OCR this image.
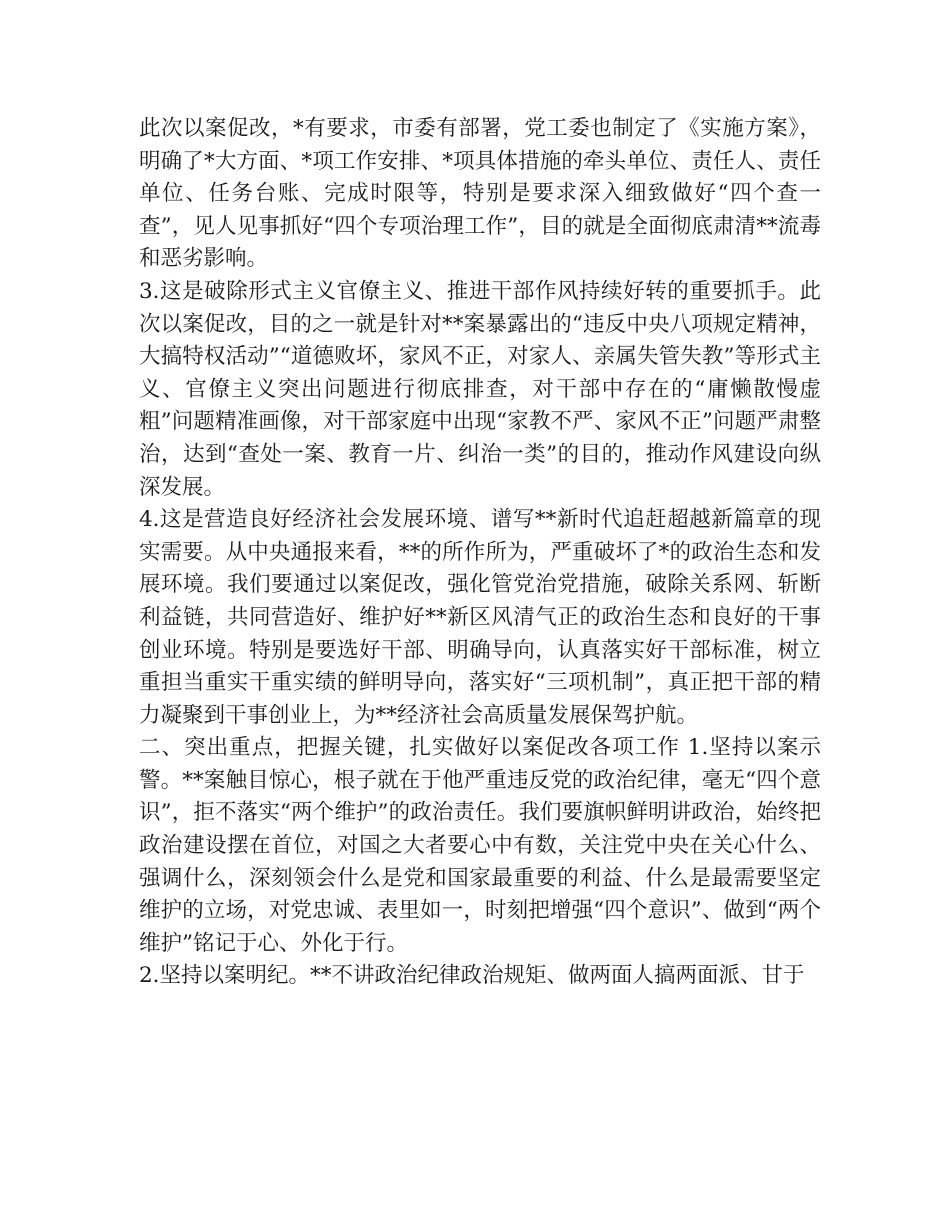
此次以案促改，*有要求，市委有部署，党工委也制定了《实施方案》，明确了*大方面、*项工作安排、*项具体措施的牵头单位、责任人、责任单位、任务台账、完成时限等，特别是要求深入细致做好“四个查一查”，见人见事抓好“四个专项治理工作”，目的就是全面彻底肃清**流毒和恶劣影响。

3.这是破除形式主义官僚主义、推进干部作风持续好转的重要抓手。此次以案促改，目的之一就是针对**案暴露出的“违反中央八项规定精神，大搞特权活动”“道德败坏，家风不正，对家人、亲属失管失教”等形式主义、官僚主义突出问题进行彻底排查，对干部中存在的“庸懒散慢虚粗”问题精准画像，对干部家庭中出现“家教不严、家风不正”问题严肃整治，达到“查处一案、教育一片、纠治一类”的目的，推动作风建设向纵深发展。

4.这是营造良好经济社会发展环境、谱写**新时代追赶超越新篇章的现实需要。从中央通报来看，**的所作所为，严重破坏了*的政治生态和发展环境。我们要通过以案促改，强化管党治党措施，破除关系网、斩断利益链，共同营造好、维护好**新区风清气正的政治生态和良好的干事创业环境。特别是要选好干部、明确导向，认真落实好干部标准，树立重担当重实干重实绩的鲜明导向，落实好“三项机制”，真正把干部的精力凝聚到干事创业上，为**经济社会高质量发展保驾护航。

二、突出重点，把握关键，扎实做好以案促改各项工作 1.坚持以案示警。**案触目惊心，根子就在于他严重违反党的政治纪律，毫无“四个意识”，拒不落实“两个维护”的政治责任。我们要旗帜鲜明讲政治，始终把政治建设摆在首位，对国之大者要心中有数，关注党中央在关心什么、强调什么，深刻领会什么是党和国家最重要的利益、什么是最需要坚定维护的立场，对党忠诚、表里如一，时刻把增强“四个意识”、做到“两个维护”铭记于心、外化于行。

2.坚持以案明纪。**不讲政治纪律政治规矩、做两面人搞两面派、甘于
